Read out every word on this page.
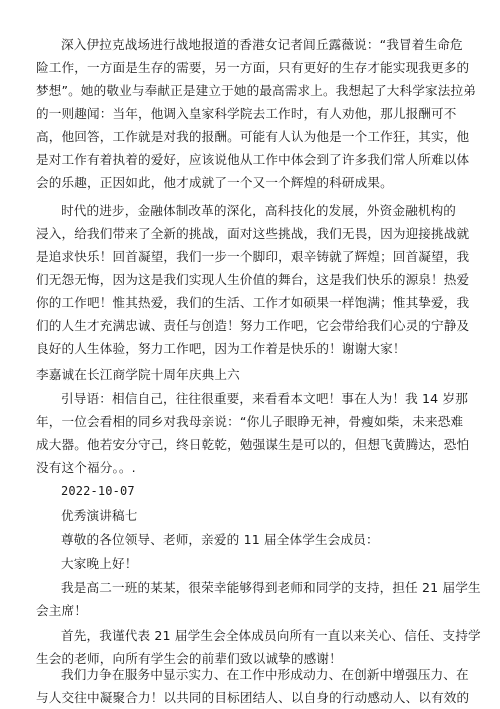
深入伊拉克战场进行战地报道的香港女记者闾丘露薇说：“我冒着生命危
险工作，一方面是生存的需要，另一方面，只有更好的生存才能实现我更多的
梦想”。她的敬业与奉献正是建立于她的最高需求上。我想起了大科学家法拉弟
的一则趣闻：当年，他调入皇家科学院去工作时，有人劝他，那儿报酬可不
高，他回答，工作就是对我的报酬。可能有人认为他是一个工作狂，其实，他
是对工作有着执着的爱好，应该说他从工作中体会到了许多我们常人所难以体
会的乐趣，正因如此，他才成就了一个又一个辉煌的科研成果。
时代的进步，金融体制改革的深化，高科技化的发展，外资金融机构的
浸入，给我们带来了全新的挑战，面对这些挑战，我们无畏，因为迎接挑战就
是追求快乐！回首凝望，我们一步一个脚印，艰辛铸就了辉煌；回首凝望，我
们无怨无悔，因为这是我们实现人生价值的舞台，这是我们快乐的源泉！热爱
你的工作吧！惟其热爱，我们的生活、工作才如硕果一样饱满；惟其挚爱，我
们的人生才充满忠诚、责任与创造！努力工作吧，它会带给我们心灵的宁静及
良好的人生体验，努力工作吧，因为工作着是快乐的！谢谢大家！
李嘉诚在长江商学院十周年庆典上六
引导语：相信自己，往往很重要，来看看本文吧！事在人为！我 14 岁那
年，一位会看相的同乡对我母亲说：“你儿子眼睁无神，骨瘦如柴，未来恐难
成大器。他若安分守己，终日乾乾，勉强谋生是可以的，但想飞黄腾达，恐怕
没有这个福分。。.
2022-10-07
优秀演讲稿七
尊敬的各位领导、老师，亲爱的 11 届全体学生会成员：
大家晚上好！
我是高二一班的某某，很荣幸能够得到老师和同学的支持，担任 21 届学生
会主席！
首先，我谨代表 21 届学生会全体成员向所有一直以来关心、信任、支持学
生会的老师，向所有学生会的前辈们致以诚挚的感谢！
我们力争在服务中显示实力、在工作中形成动力、在创新中增强压力、在
与人交往中凝聚合力！以共同的目标团结人、以自身的行动感动人、以有效的
